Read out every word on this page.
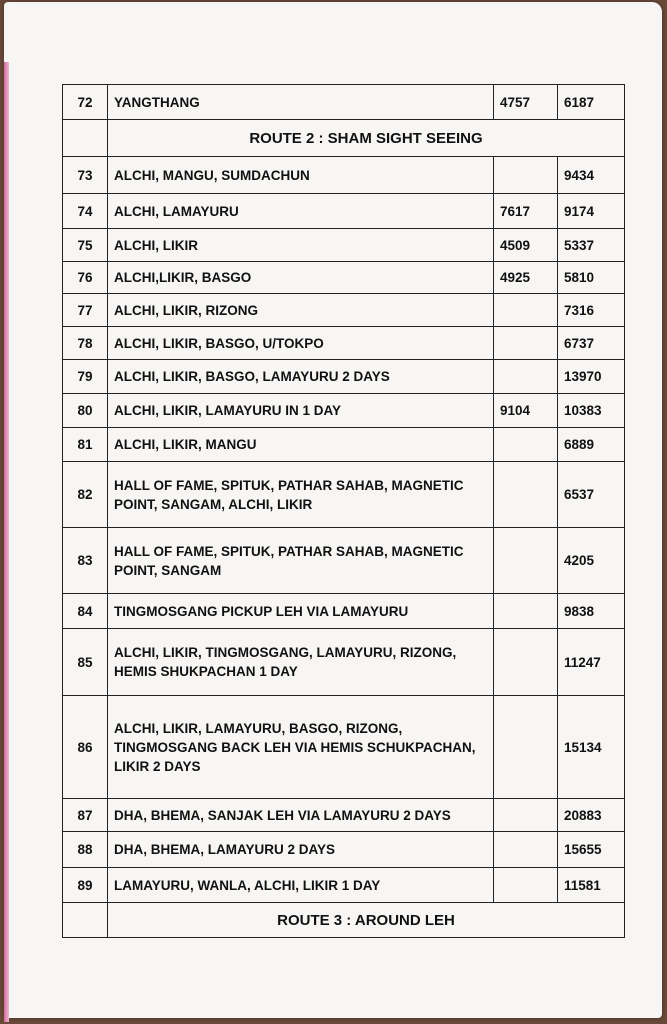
72	YANGTHANG	4757	6187
	ROUTE 2 : SHAM SIGHT SEEING		
73	ALCHI, MANGU, SUMDACHUN		9434
74	ALCHI, LAMAYURU	7617	9174
75	ALCHI, LIKIR	4509	5337
76	ALCHI,LIKIR, BASGO	4925	5810
77	ALCHI, LIKIR, RIZONG		7316
78	ALCHI, LIKIR, BASGO, U/TOKPO		6737
79	ALCHI, LIKIR, BASGO, LAMAYURU 2 DAYS		13970
80	ALCHI, LIKIR, LAMAYURU IN 1 DAY	9104	10383
81	ALCHI, LIKIR, MANGU		6889
82	HALL OF FAME, SPITUK, PATHAR SAHAB, MAGNETIC POINT, SANGAM, ALCHI, LIKIR		6537
83	HALL OF FAME, SPITUK, PATHAR SAHAB, MAGNETIC POINT, SANGAM		4205
84	TINGMOSGANG PICKUP LEH VIA LAMAYURU		9838
85	ALCHI, LIKIR, TINGMOSGANG, LAMAYURU, RIZONG, HEMIS SHUKPACHAN 1 DAY		11247
86	ALCHI, LIKIR, LAMAYURU, BASGO, RIZONG, TINGMOSGANG BACK LEH VIA HEMIS SCHUKPACHAN, LIKIR 2 DAYS		15134
87	DHA, BHEMA, SANJAK LEH VIA LAMAYURU 2 DAYS		20883
88	DHA, BHEMA, LAMAYURU 2 DAYS		15655
89	LAMAYURU, WANLA, ALCHI, LIKIR 1 DAY		11581
	ROUTE 3 : AROUND LEH		
